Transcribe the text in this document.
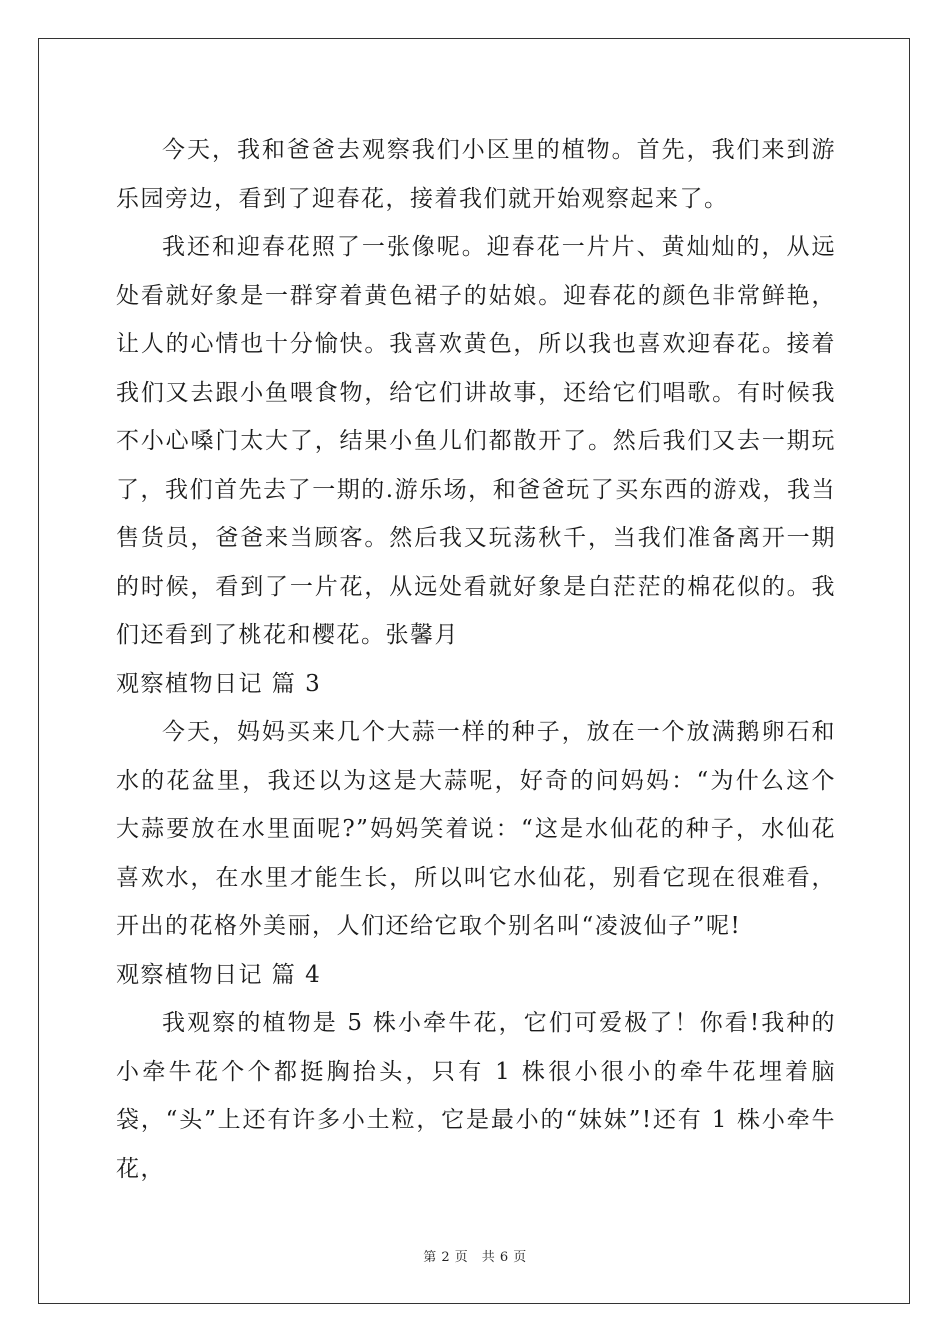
今天，我和爸爸去观察我们小区里的植物。首先，我们来到游乐园旁边，看到了迎春花，接着我们就开始观察起来了。

我还和迎春花照了一张像呢。迎春花一片片、黄灿灿的，从远处看就好象是一群穿着黄色裙子的姑娘。迎春花的颜色非常鲜艳，让人的心情也十分愉快。我喜欢黄色，所以我也喜欢迎春花。接着我们又去跟小鱼喂食物，给它们讲故事，还给它们唱歌。有时候我不小心嗓门太大了，结果小鱼儿们都散开了。然后我们又去一期玩了，我们首先去了一期的.游乐场，和爸爸玩了买东西的游戏，我当售货员，爸爸来当顾客。然后我又玩荡秋千，当我们准备离开一期的时候，看到了一片花，从远处看就好象是白茫茫的棉花似的。我们还看到了桃花和樱花。张馨月

观察植物日记 篇 3

今天，妈妈买来几个大蒜一样的种子，放在一个放满鹅卵石和水的花盆里，我还以为这是大蒜呢，好奇的问妈妈：“为什么这个大蒜要放在水里面呢?”妈妈笑着说：“这是水仙花的种子，水仙花喜欢水，在水里才能生长，所以叫它水仙花，别看它现在很难看，开出的花格外美丽，人们还给它取个别名叫“凌波仙子”呢!

观察植物日记 篇 4

我观察的植物是 5 株小牵牛花，它们可爱极了！你看!我种的小牵牛花个个都挺胸抬头，只有 1 株很小很小的牵牛花埋着脑袋，“头”上还有许多小土粒，它是最小的“妹妹”!还有 1 株小牵牛花，

第 2 页　共 6 页
